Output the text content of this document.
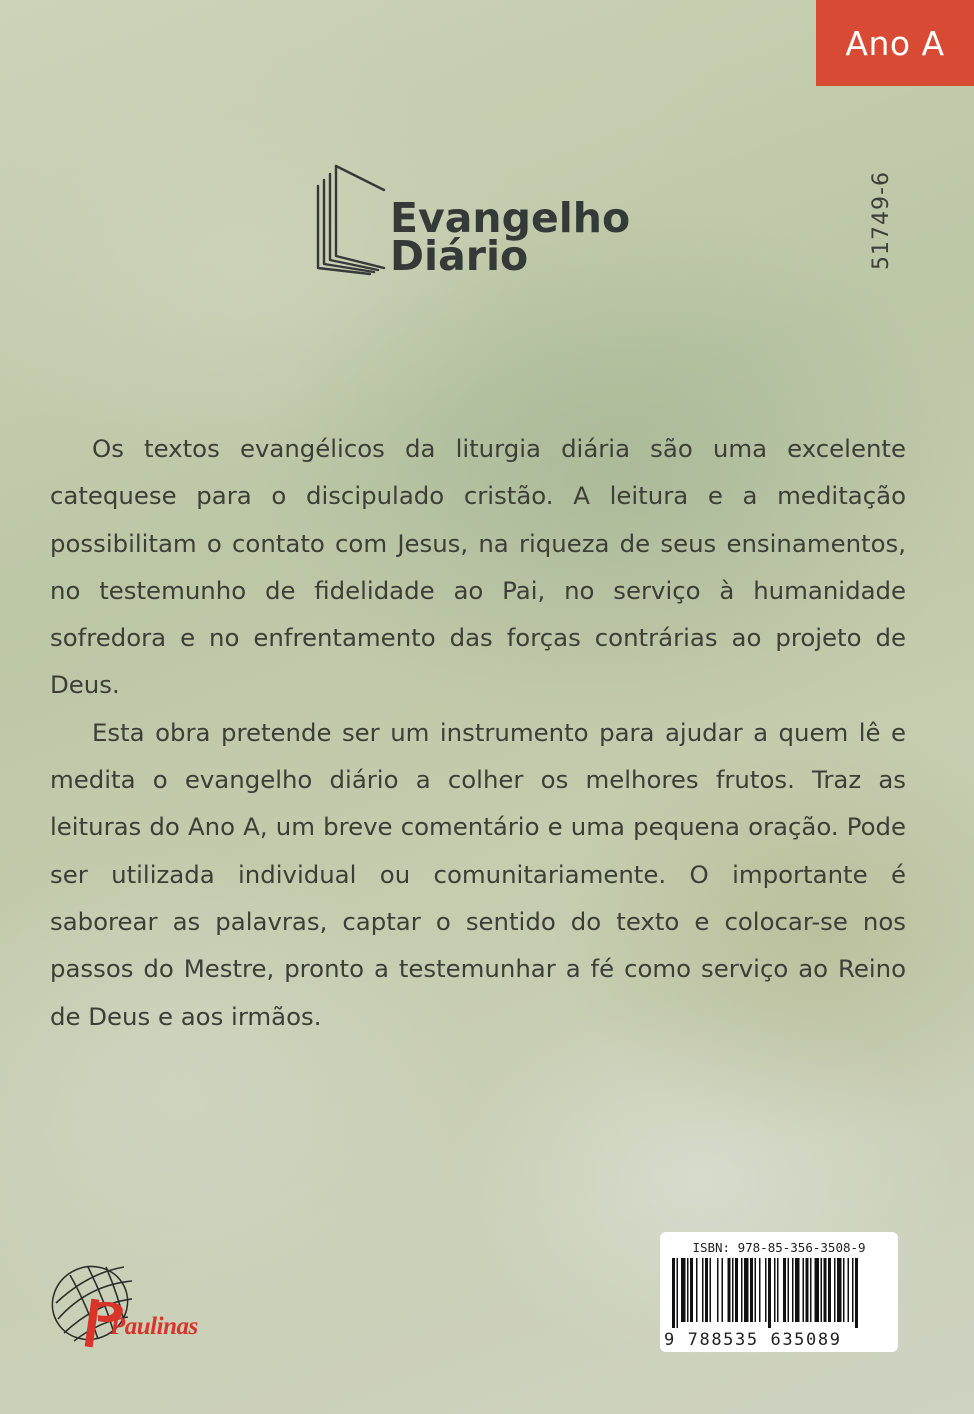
Ano A
51749-6
Evangelho
Diário

Os textos evangélicos da liturgia diária são uma excelente catequese para o discipulado cristão. A leitura e a meditação possibilitam o contato com Jesus, na riqueza de seus ensinamentos, no testemunho de fidelidade ao Pai, no serviço à humanidade sofredora e no enfrentamento das forças contrárias ao projeto de Deus.

Esta obra pretende ser um instrumento para ajudar a quem lê e medita o evangelho diário a colher os melhores frutos. Traz as leituras do Ano A, um breve comentário e uma pequena oração. Pode ser utilizada individual ou comunitariamente. O importante é saborear as palavras, captar o sentido do texto e colocar-se nos passos do Mestre, pronto a testemunhar a fé como serviço ao Reino de Deus e aos irmãos.

Paulinas
ISBN: 978-85-356-3508-9
9 788535 635089
